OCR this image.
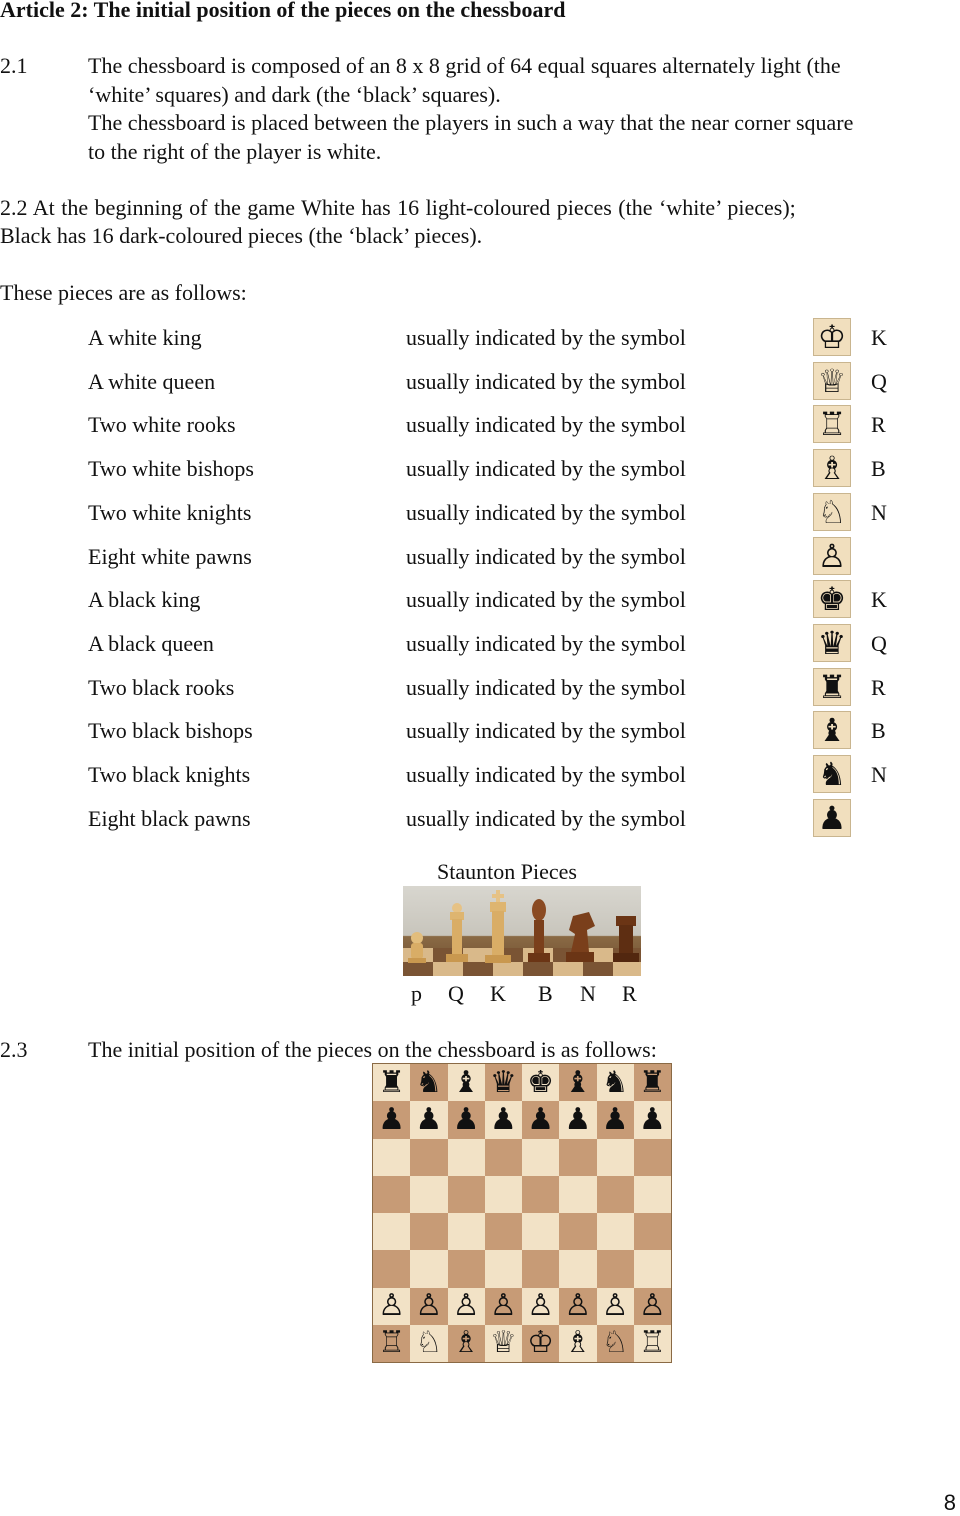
Article 2: The initial position of the pieces on the chessboard
2.1	The chessboard is composed of an 8 x 8 grid of 64 equal squares alternately light (the
‘white’ squares) and dark (the ‘black’ squares).
The chessboard is placed between the players in such a way that the near corner square
to the right of the player is white.
2.2 At the beginning of the game White has 16 light-coloured pieces (the ‘white’ pieces);
Black has 16 dark-coloured pieces (the ‘black’ pieces).
These pieces are as follows:
A white king	usually indicated by the symbol	♔ K
A white queen	usually indicated by the symbol	♕ Q
Two white rooks	usually indicated by the symbol	♖ R
Two white bishops	usually indicated by the symbol	♗ B
Two white knights	usually indicated by the symbol	♘ N
Eight white pawns	usually indicated by the symbol	♙
A black king	usually indicated by the symbol	♚ K
A black queen	usually indicated by the symbol	♛ Q
Two black rooks	usually indicated by the symbol	♜ R
Two black bishops	usually indicated by the symbol	♝ B
Two black knights	usually indicated by the symbol	♞ N
Eight black pawns	usually indicated by the symbol	♟
Staunton Pieces
p Q K B N R
2.3	The initial position of the pieces on the chessboard is as follows:
♜ ♞ ♝ ♛ ♚ ♝ ♞ ♜
♟ ♟ ♟ ♟ ♟ ♟ ♟ ♟
♙ ♙ ♙ ♙ ♙ ♙ ♙ ♙
♖ ♘ ♗ ♕ ♔ ♗ ♘ ♖
8
